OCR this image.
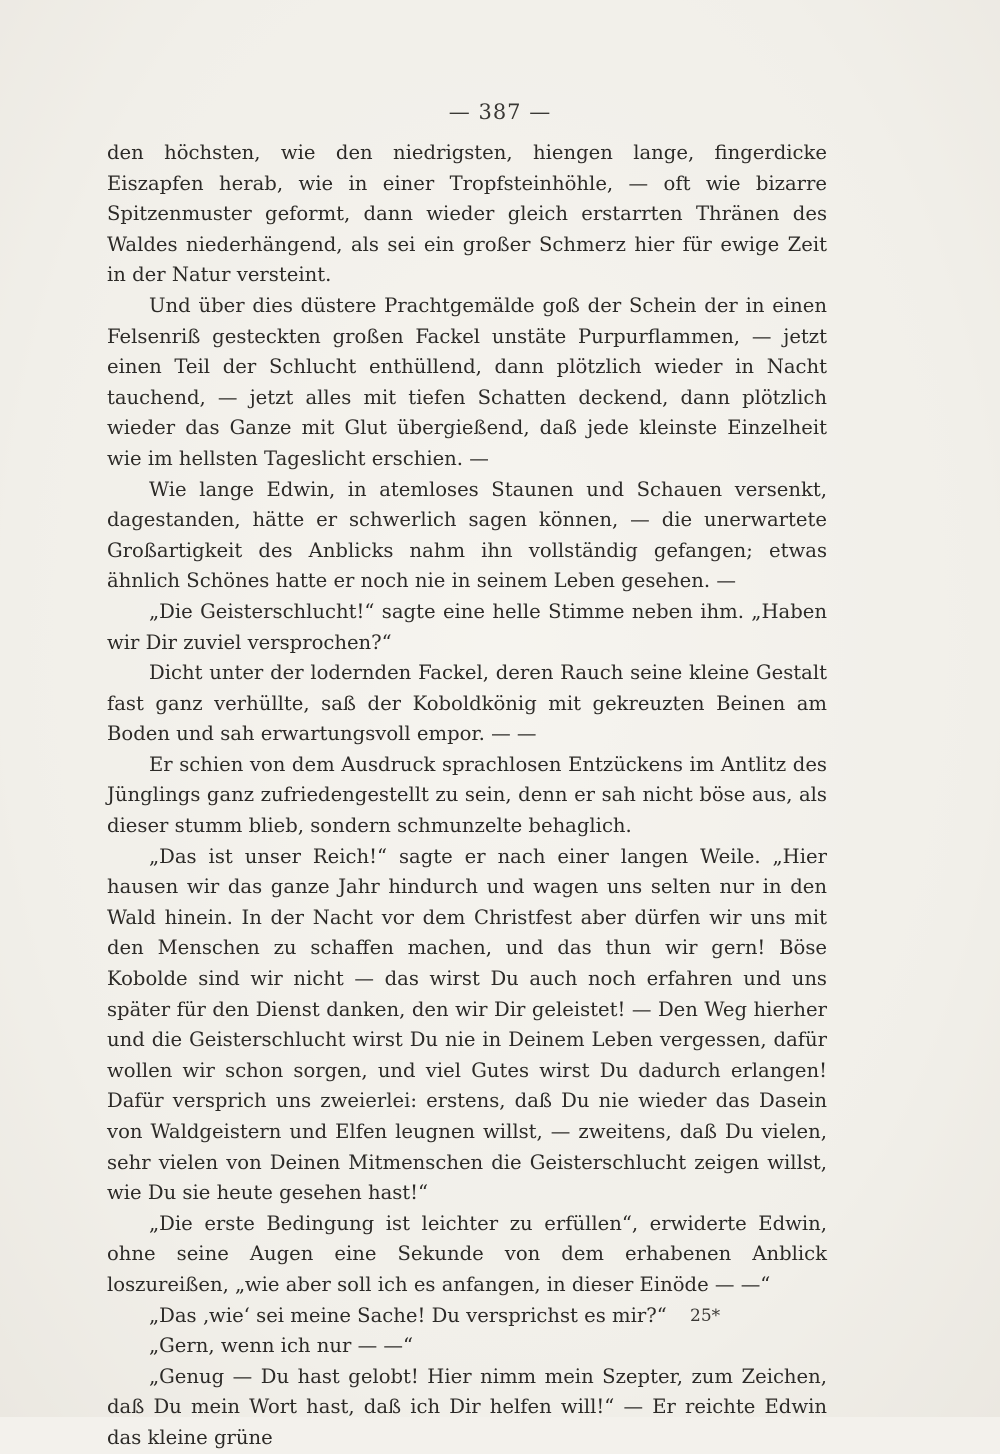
— 387 —

den höchsten, wie den niedrigsten, hiengen lange, fingerdicke Eiszapfen herab, wie in einer Tropfsteinhöhle, — oft wie bizarre Spitzenmuster geformt, dann wieder gleich erstarrten Thränen des Waldes niederhängend, als sei ein großer Schmerz hier für ewige Zeit in der Natur versteint.

Und über dies düstere Prachtgemälde goß der Schein der in einen Felsenriß gesteckten großen Fackel unstäte Purpurflammen, — jetzt einen Teil der Schlucht enthüllend, dann plötzlich wieder in Nacht tauchend, — jetzt alles mit tiefen Schatten deckend, dann plötzlich wieder das Ganze mit Glut übergießend, daß jede kleinste Einzelheit wie im hellsten Tageslicht erschien. —

Wie lange Edwin, in atemloses Staunen und Schauen versenkt, dagestanden, hätte er schwerlich sagen können, — die unerwartete Großartigkeit des Anblicks nahm ihn vollständig gefangen; etwas ähnlich Schönes hatte er noch nie in seinem Leben gesehen. —

„Die Geisterschlucht!“ sagte eine helle Stimme neben ihm. „Haben wir Dir zuviel versprochen?“

Dicht unter der lodernden Fackel, deren Rauch seine kleine Gestalt fast ganz verhüllte, saß der Koboldkönig mit gekreuzten Beinen am Boden und sah erwartungsvoll empor. — —

Er schien von dem Ausdruck sprachlosen Entzückens im Antlitz des Jünglings ganz zufriedengestellt zu sein, denn er sah nicht böse aus, als dieser stumm blieb, sondern schmunzelte behaglich.

„Das ist unser Reich!“ sagte er nach einer langen Weile. „Hier hausen wir das ganze Jahr hindurch und wagen uns selten nur in den Wald hinein. In der Nacht vor dem Christfest aber dürfen wir uns mit den Menschen zu schaffen machen, und das thun wir gern! Böse Kobolde sind wir nicht — das wirst Du auch noch erfahren und uns später für den Dienst danken, den wir Dir geleistet! — Den Weg hierher und die Geisterschlucht wirst Du nie in Deinem Leben vergessen, dafür wollen wir schon sorgen, und viel Gutes wirst Du dadurch erlangen! Dafür versprich uns zweierlei: erstens, daß Du nie wieder das Dasein von Waldgeistern und Elfen leugnen willst, — zweitens, daß Du vielen, sehr vielen von Deinen Mitmenschen die Geisterschlucht zeigen willst, wie Du sie heute gesehen hast!“

„Die erste Bedingung ist leichter zu erfüllen“, erwiderte Edwin, ohne seine Augen eine Sekunde von dem erhabenen Anblick loszureißen, „wie aber soll ich es anfangen, in dieser Einöde — —“

„Das ‚wie‘ sei meine Sache! Du versprichst es mir?“

„Gern, wenn ich nur — —“

„Genug — Du hast gelobt! Hier nimm mein Szepter, zum Zeichen, daß Du mein Wort hast, daß ich Dir helfen will!“ — Er reichte Edwin das kleine grüne

25*
